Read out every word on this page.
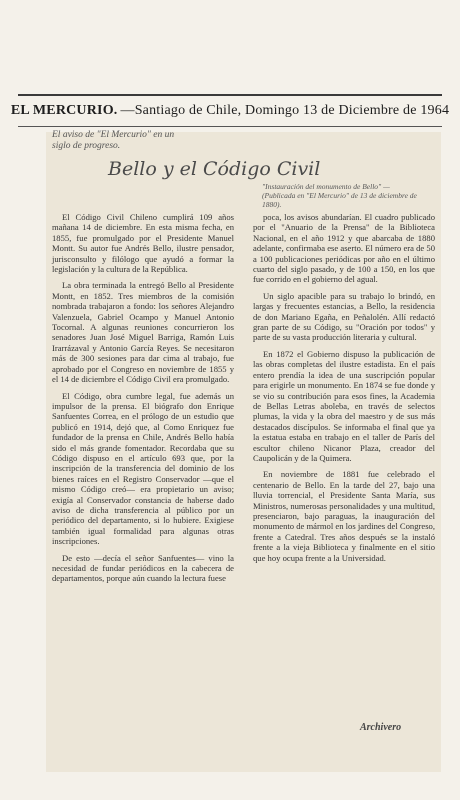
EL MERCURIO. —Santiago de Chile, Domingo 13 de Diciembre de 1964
El aviso de "El Mercurio" en un siglo de progreso.
Bello y el Código Civil
"Instauración del monumento de Bello" — (Publicada en "El Mercurio" de 13 de diciembre de 1880).

El Código Civil Chileno cumplirá 109 años mañana 14 de diciembre. En esta misma fecha, en 1855, fue promulgado por el Presidente Manuel Montt. Su autor fue Andrés Bello, ilustre pensador, jurisconsulto y filólogo que ayudó a formar la legislación y la cultura de la República.

La obra terminada la entregó Bello al Presidente Montt, en 1852. Tres miembros de la comisión nombrada trabajaron a fondo: los señores Alejandro Valenzuela, Gabriel Ocampo y Manuel Antonio Tocornal. A algunas reuniones concurrieron los senadores Juan José Miguel Barriga, Ramón Luis Irarrázaval y Antonio García Reyes. Se necesitaron más de 300 sesiones para dar cima al trabajo, fue aprobado por el Congreso en noviembre de 1855 y el 14 de diciembre el Código Civil era promulgado.

El Código, obra cumbre legal, fue además un impulsor de la prensa. El biógrafo don Enrique Sanfuentes Correa, en el prólogo de un estudio que publicó en 1914, dejó que, al Como Enriquez fue fundador de la prensa en Chile, Andrés Bello había sido el más grande fomentador. Recordaba que su Código dispuso en el artículo 693 que, por la inscripción de la transferencia del dominio de los bienes raíces en el Registro Conservador —que el mismo Código creó— era propietario un aviso; exigía al Conservador constancia de haberse dado aviso de dicha transferencia al público por un periódico del departamento, si lo hubiere. Exigiese también igual formalidad para algunas otras inscripciones.

De esto —decía el señor Sanfuentes— vino la necesidad de fundar periódicos en la cabecera de departamentos, porque aún cuando la lectura fuese

poca, los avisos abundarían. El cuadro publicado por el "Anuario de la Prensa" de la Biblioteca Nacional, en el año 1912 y que abarcaba de 1880 adelante, confirmaba ese aserto. El número era de 50 a 100 publicaciones periódicas por año en el último cuarto del siglo pasado, y de 100 a 150, en los que fue corrido en el gobierno del agual.

Un siglo apacible para su trabajo lo brindó, en largas y frecuentes estancias, a Bello, la residencia de don Mariano Egaña, en Peñalolén. Allí redactó gran parte de su Código, su "Oración por todos" y parte de su vasta producción literaria y cultural.

En 1872 el Gobierno dispuso la publicación de las obras completas del ilustre estadista. En el país entero prendía la idea de una suscripción popular para erigirle un monumento. En 1874 se fue donde y se vio su contribución para esos fines, la Academia de Bellas Letras aboleba, en través de selectos plumas, la vida y la obra del maestro y de sus más destacados discípulos. Se informaba el final que ya la estatua estaba en trabajo en el taller de París del escultor chileno Nicanor Plaza, creador del Caupolicán y de la Quimera.

En noviembre de 1881 fue celebrado el centenario de Bello. En la tarde del 27, bajo una lluvia torrencial, el Presidente Santa María, sus Ministros, numerosas personalidades y una multitud, presenciaron, bajo paraguas, la inauguración del monumento de mármol en los jardines del Congreso, frente a Catedral. Tres años después se la instaló frente a la vieja Biblioteca y finalmente en el sitio que hoy ocupa frente a la Universidad.

Archivero
